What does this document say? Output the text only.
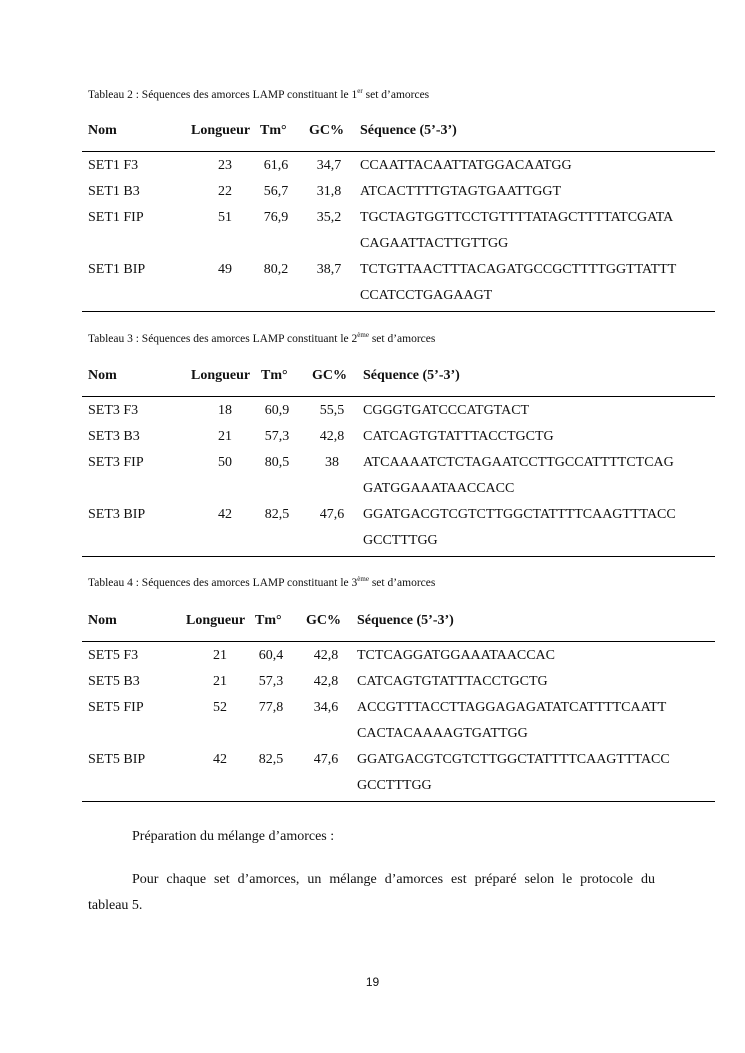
Tableau 2 : Séquences des amorces LAMP constituant le 1er set d’amorces
Nom	Longueur Tm° GC% Séquence (5’-3’)
SET1 F3	23	61,6	34,7	CCAATTACAATTATGGACAATGG
SET1 B3	22	56,7	31,8	ATCACTTTTGTAGTGAATTGGT
SET1 FIP	51	76,9	35,2	TGCTAGTGGTTCCTGTTTTATAGCTTTTATCGATA
CAGAATTACTTGTTGG
SET1 BIP	49	80,2	38,7	TCTGTTAACTTTACAGATGCCGCTTTTGGTTATTT
CCATCCTGAGAAGT
Tableau 3 : Séquences des amorces LAMP constituant le 2ème set d’amorces
Nom	Longueur Tm° GC% Séquence (5’-3’)
SET3 F3	18	60,9	55,5	CGGGTGATCCCATGTACT
SET3 B3	21	57,3	42,8	CATCAGTGTATTTACCTGCTG
SET3 FIP	50	80,5	38	ATCAAAATCTCTAGAATCCTTGCCATTTTCTCAG
GATGGAAATAACCACC
SET3 BIP	42	82,5	47,6	GGATGACGTCGTCTTGGCTATTTTCAAGTTTACC
GCCTTTGG
Tableau 4 : Séquences des amorces LAMP constituant le 3ème set d’amorces
Nom	Longueur Tm° GC% Séquence (5’-3’)
SET5 F3	21	60,4	42,8	TCTCAGGATGGAAATAACCAC
SET5 B3	21	57,3	42,8	CATCAGTGTATTTACCTGCTG
SET5 FIP	52	77,8	34,6	ACCGTTTACCTTAGGAGAGATATCATTTTCAATT
CACTACAAAAGTGATTGG
SET5 BIP	42	82,5	47,6	GGATGACGTCGTCTTGGCTATTTTCAAGTTTACC
GCCTTTGG
Préparation du mélange d’amorces :
Pour chaque set d’amorces, un mélange d’amorces est préparé selon le protocole du
tableau 5.
19
